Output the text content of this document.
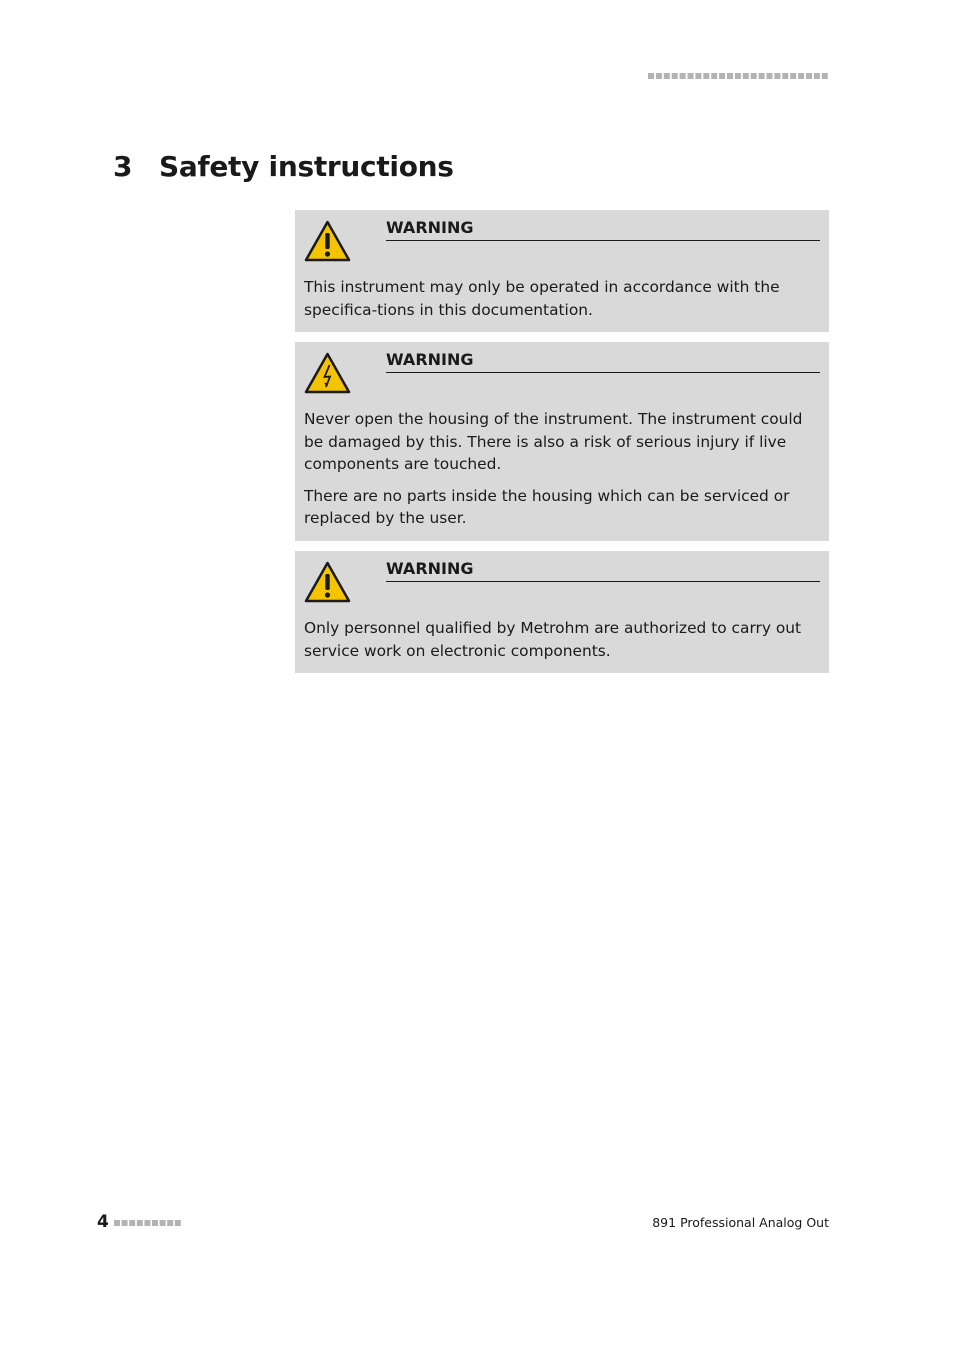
3 Safety instructions
WARNING

This instrument may only be operated in accordance with the specifica-tions in this documentation.

WARNING

Never open the housing of the instrument. The instrument could be damaged by this. There is also a risk of serious injury if live components are touched.

There are no parts inside the housing which can be serviced or replaced by the user.

WARNING

Only personnel qualified by Metrohm are authorized to carry out service work on electronic components.

4	891 Professional Analog Out
